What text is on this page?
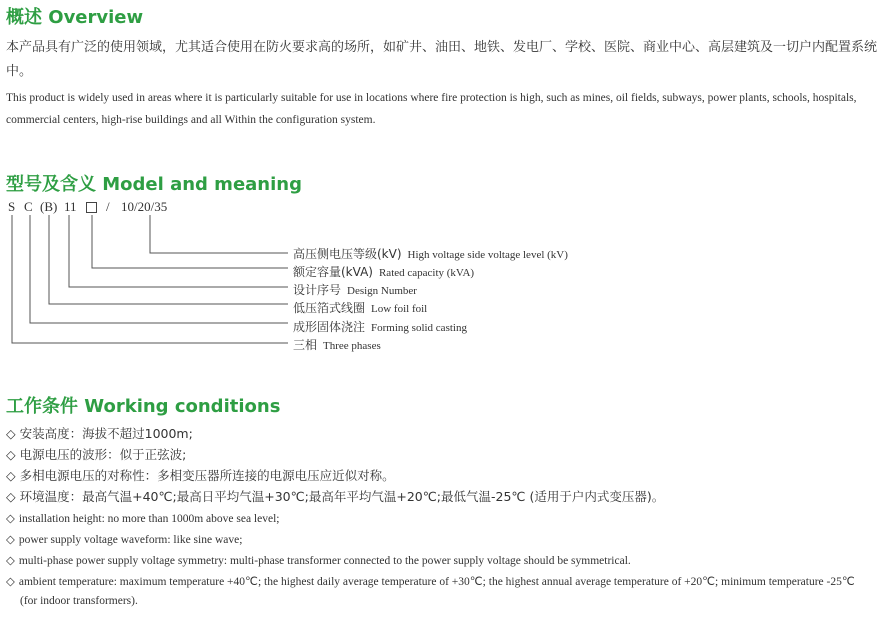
概述 Overview

本产品具有广泛的使用领域，尤其适合使用在防火要求高的场所，如矿井、油田、地铁、发电厂、学校、医院、商业中心、高层建筑及一切户内配置系统中。

This product is widely used in areas where it is particularly suitable for use in locations where fire protection is high, such as mines, oil fields, subways, power plants, schools, hospitals, commercial centers, high-rise buildings and all Within the configuration system.

型号及含义 Model and meaning
S C (B) 11 / 10/20/35
高压侧电压等级(kV) High voltage side voltage level (kV)
额定容量(kVA) Rated capacity (kVA)
设计序号 Design Number
低压箔式线圈 Low foil foil
成形固体浇注 Forming solid casting
三相 Three phases
工作条件 Working conditions

◇ 安装高度：海拔不超过1000m;

◇ 电源电压的波形：似于正弦波;

◇ 多相电源电压的对称性：多相变压器所连接的电源电压应近似对称。

◇ 环境温度：最高气温+40℃;最高日平均气温+30℃;最高年平均气温+20℃;最低气温-25℃ (适用于户内式变压器)。

◇ installation height: no more than 1000m above sea level;

◇ power supply voltage waveform: like sine wave;

◇ multi-phase power supply voltage symmetry: multi-phase transformer connected to the power supply voltage should be symmetrical.

◇ ambient temperature: maximum temperature +40℃; the highest daily average temperature of +30℃; the highest annual average temperature of +20℃; minimum temperature -25℃

(for indoor transformers).
